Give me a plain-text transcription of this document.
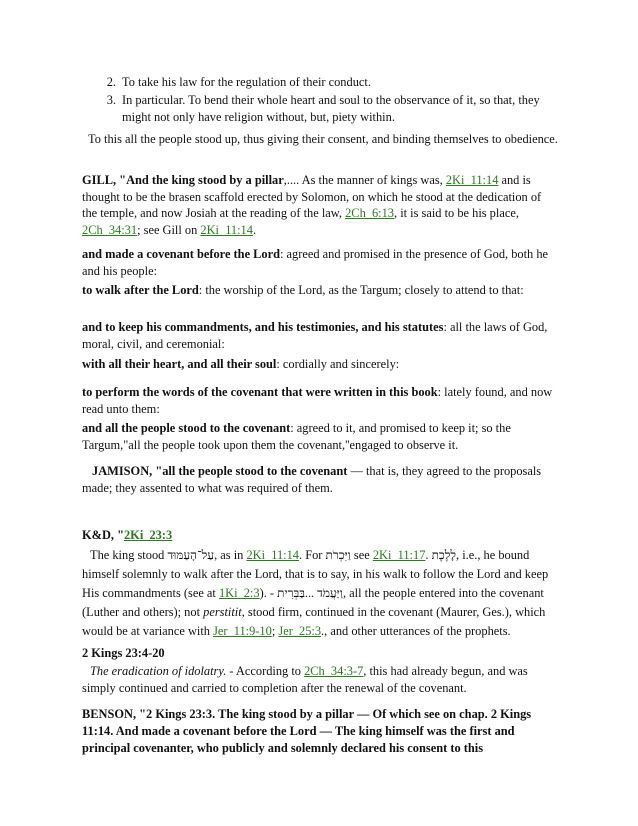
2. To take his law for the regulation of their conduct.
3. In particular. To bend their whole heart and soul to the observance of it, so that, they might not only have religion without, but, piety within.

To this all the people stood up, thus giving their consent, and binding themselves to obedience.

GILL, "And the king stood by a pillar,.... As the manner of kings was, 2Ki_11:14 and is thought to be the brasen scaffold erected by Solomon, on which he stood at the dedication of the temple, and now Josiah at the reading of the law, 2Ch_6:13, it is said to be his place, 2Ch_34:31; see Gill on 2Ki_11:14.

and made a covenant before the Lord: agreed and promised in the presence of God, both he and his people:

to walk after the Lord: the worship of the Lord, as the Targum; closely to attend to that:

and to keep his commandments, and his testimonies, and his statutes: all the laws of God, moral, civil, and ceremonial:

with all their heart, and all their soul: cordially and sincerely:

to perform the words of the covenant that were written in this book: lately found, and now read unto them:

and all the people stood to the covenant: agreed to it, and promised to keep it; so the Targum,"all the people took upon them the covenant,''engaged to observe it.

JAMISON, "all the people stood to the covenant — that is, they agreed to the proposals made; they assented to what was required of them.

K&D, "2Ki_23:3

The king stood עַל־הָעַמּוּד, as in 2Ki_11:14. For וַיִּכְרֹת see 2Ki_11:17. לָלֶכֶת, i.e., he bound himself solemnly to walk after the Lord, that is to say, in his walk to follow the Lord and keep His commandments (see at 1Ki_2:3). - וַיַּעֲמֹד ...בַּבְּרִית, all the people entered into the covenant (Luther and others); not perstitit, stood firm, continued in the covenant (Maurer, Ges.), which would be at variance with Jer_11:9-10; Jer_25:3., and other utterances of the prophets.

2 Kings 23:4-20

The eradication of idolatry. - According to 2Ch_34:3-7, this had already begun, and was simply continued and carried to completion after the renewal of the covenant.

BENSON, "2 Kings 23:3. The king stood by a pillar — Of which see on chap. 2 Kings 11:14. And made a covenant before the Lord — The king himself was the first and principal covenanter, who publicly and solemnly declared his consent to this
